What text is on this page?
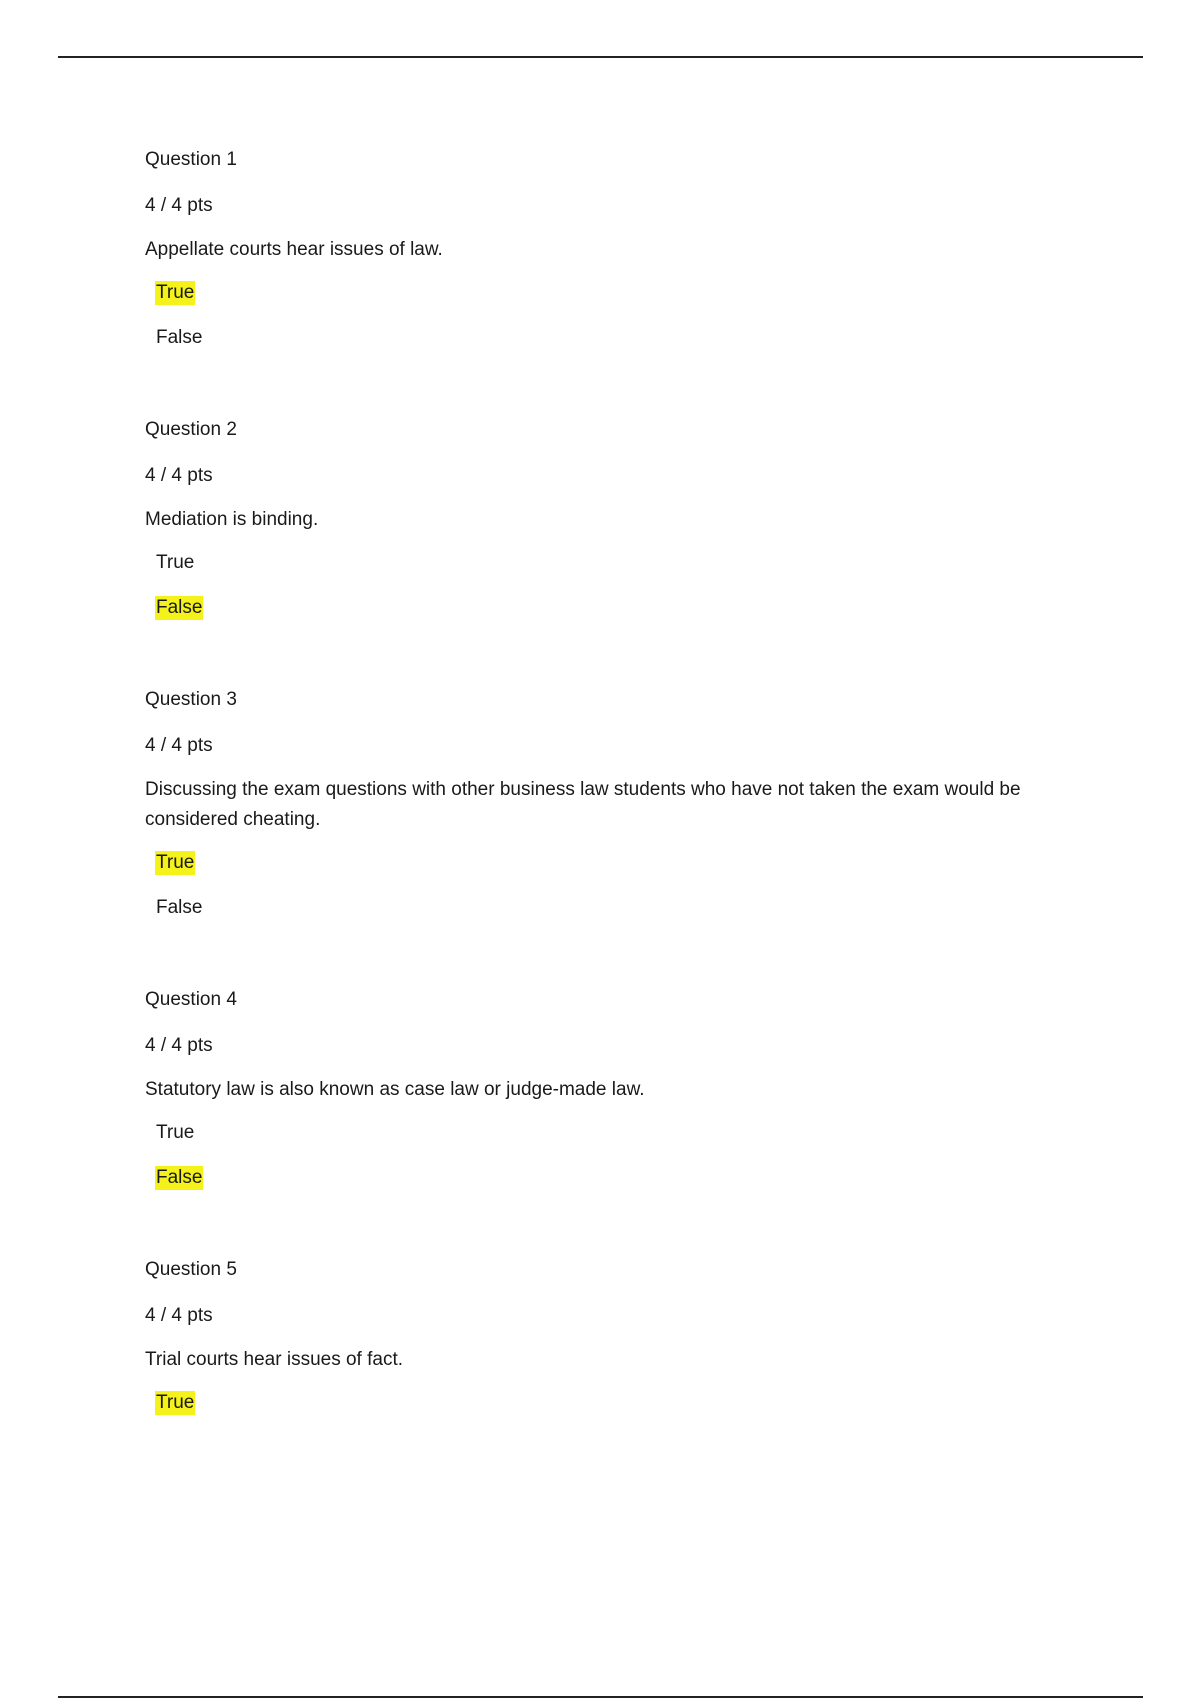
Question 1
4 / 4 pts
Appellate courts hear issues of law.
True
False
Question 2
4 / 4 pts
Mediation is binding.
True
False
Question 3
4 / 4 pts
Discussing the exam questions with other business law students who have not taken the exam would be considered cheating.
True
False
Question 4
4 / 4 pts
Statutory law is also known as case law or judge-made law.
True
False
Question 5
4 / 4 pts
Trial courts hear issues of fact.
True
